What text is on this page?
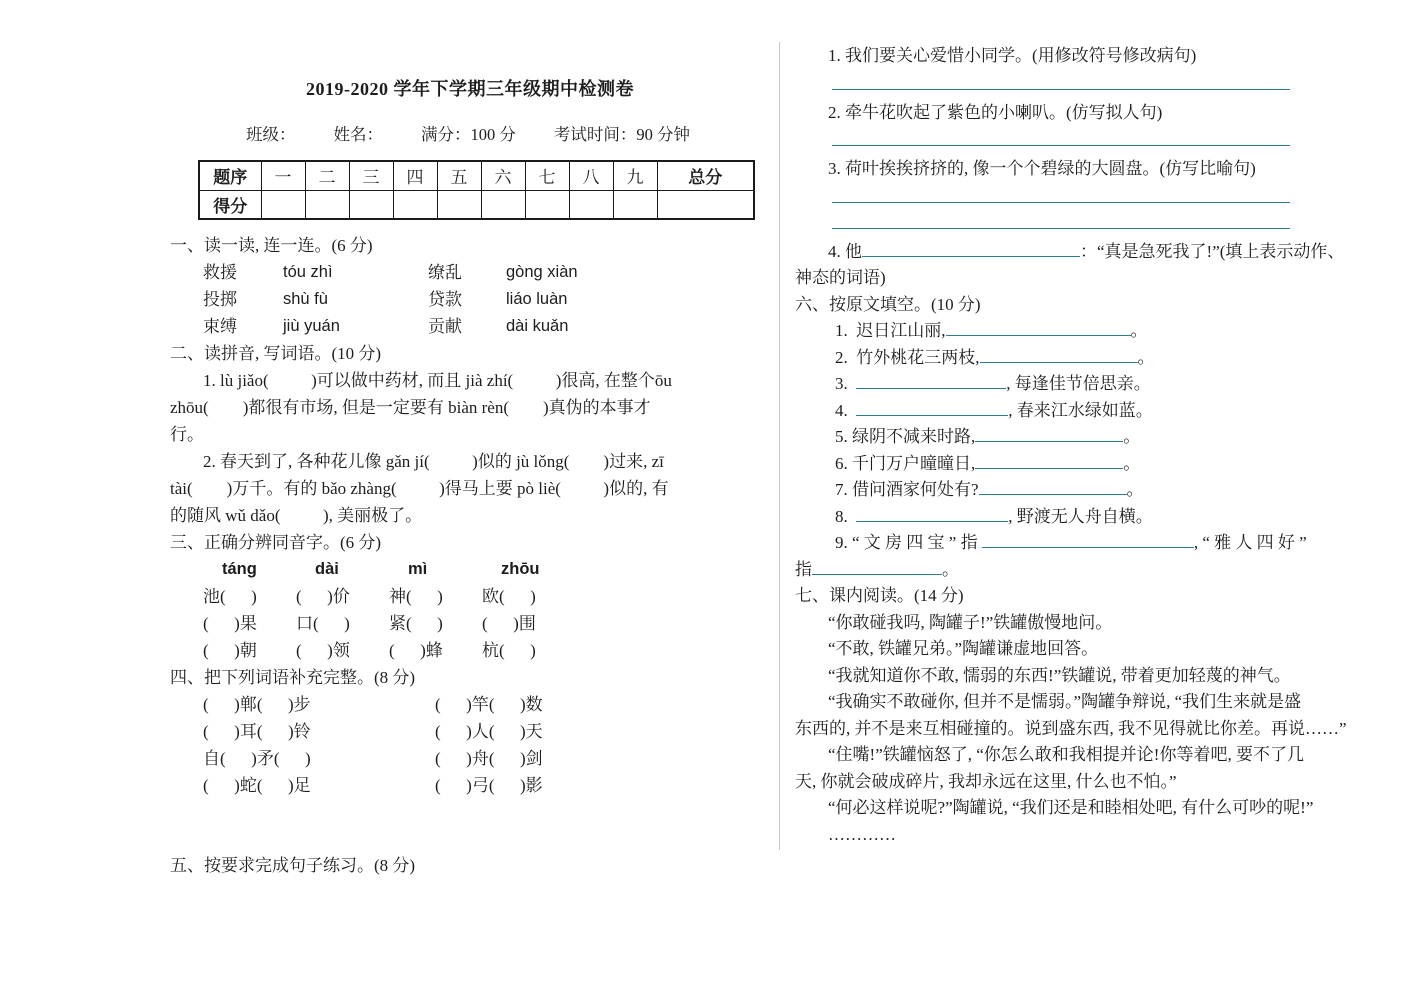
2019-2020 学年下学期三年级期中检测卷
班级： 姓名： 满分：100 分 考试时间：90 分钟
题序	一	二	三	四	五	六	七	八	九	总分
得分										
一、读一读, 连一连。(6 分)
救援	tóu zhì	缭乱	gòng xiàn
投掷	shù fù	贷款	liáo luàn
束缚	jiù yuán	贡献	dài kuǎn
二、读拼音, 写词语。(10 分)
1. lù jiǎo(          )可以做中药材, 而且 jià zhí(          )很高, 在整个ōu
zhōu(        )都很有市场, 但是一定要有 biàn rèn(        )真伪的本事才
行。
2. 春天到了, 各种花儿像 gǎn jí(          )似的 jù lǒng(        )过来, zī
tài(        )万千。有的 bǎo zhàng(          )得马上要 pò liè(          )似的, 有
的随风 wǔ dǎo(          ), 美丽极了。
三、正确分辨同音字。(6 分)
táng	dài	mì	zhōu
池(      )	(      )价	神(      )	欧(      )
(      )果	口(      )	紧(      )	(      )围
(      )朝	(      )领	(      )蜂	杭(      )
四、把下列词语补充完整。(8 分)
(      )郸(      )步	(      )竿(      )数
(      )耳(      )铃	(      )人(      )天
自(      )矛(      )	(      )舟(      )剑
(      )蛇(      )足	(      )弓(      )影
五、按要求完成句子练习。(8 分)
1. 我们要关心爱惜小同学。(用修改符号修改病句)
2. 牵牛花吹起了紫色的小喇叭。(仿写拟人句)
3. 荷叶挨挨挤挤的, 像一个个碧绿的大圆盘。(仿写比喻句)
4. 他	：“真是急死我了!”(填上表示动作、
神态的词语)
六、按原文填空。(10 分)
1.  迟日江山丽,	。
2.  竹外桃花三两枝,	。
3.	, 每逢佳节倍思亲。
4.	, 春来江水绿如蓝。
5. 绿阴不减来时路,	。
6. 千门万户曈曈日,	。
7. 借问酒家何处有?	。
8.	, 野渡无人舟自横。
9. “ 文 房 四 宝 ” 指	, “ 雅 人 四 好 ”
指	。
七、课内阅读。(14 分)
“你敢碰我吗, 陶罐子!”铁罐傲慢地问。
“不敢, 铁罐兄弟。”陶罐谦虚地回答。
“我就知道你不敢, 懦弱的东西!”铁罐说, 带着更加轻蔑的神气。
“我确实不敢碰你, 但并不是懦弱。”陶罐争辩说, “我们生来就是盛
东西的, 并不是来互相碰撞的。说到盛东西, 我不见得就比你差。再说……”
“住嘴!”铁罐恼怒了, “你怎么敢和我相提并论!你等着吧, 要不了几
天, 你就会破成碎片, 我却永远在这里, 什么也不怕。”
“何必这样说呢?”陶罐说, “我们还是和睦相处吧, 有什么可吵的呢!”
…………
